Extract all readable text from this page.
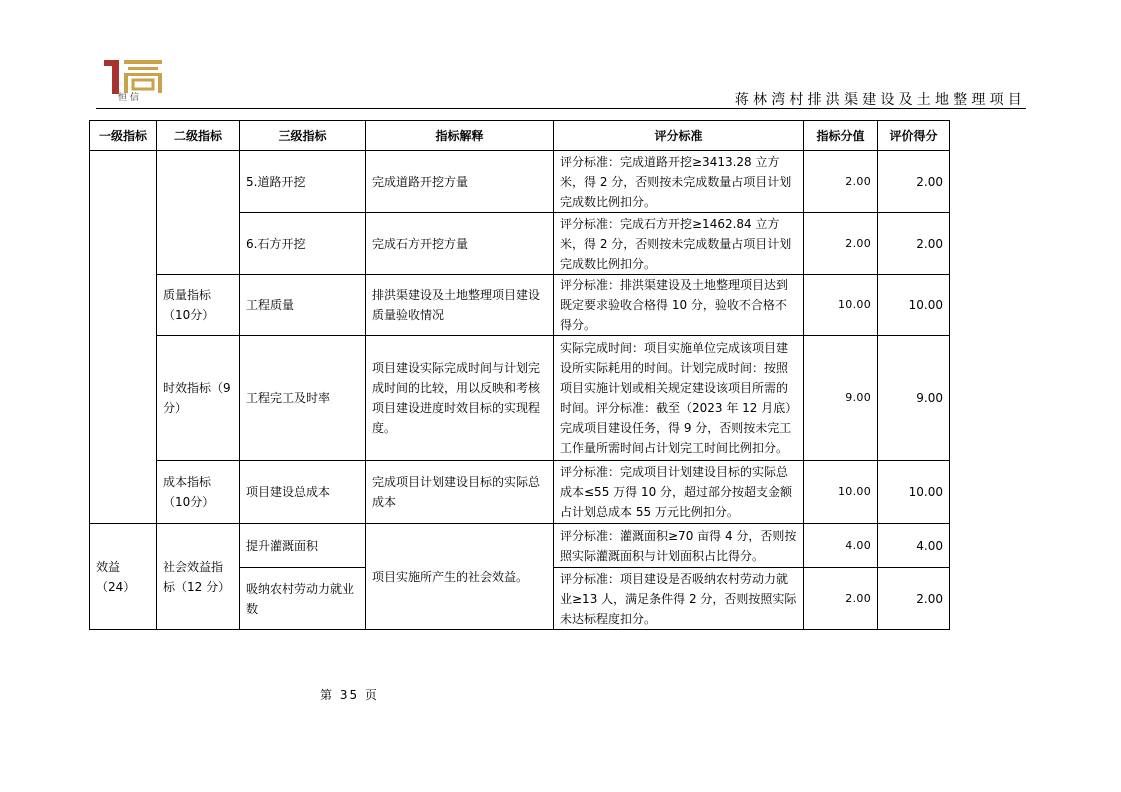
恒信	蒋林湾村排洪渠建设及土地整理项目
一级指标	二级指标	三级指标	指标解释	评分标准	指标分值	评价得分
		5.道路开挖	完成道路开挖方量	评分标准：完成道路开挖≥3413.28 立方米，得 2 分，否则按未完成数量占项目计划完成数比例扣分。	2.00	2.00
		6.石方开挖	完成石方开挖方量	评分标准：完成石方开挖≥1462.84 立方米，得 2 分，否则按未完成数量占项目计划完成数比例扣分。	2.00	2.00
	质量指标（10分）	工程质量	排洪渠建设及土地整理项目建设质量验收情况	评分标准：排洪渠建设及土地整理项目达到既定要求验收合格得 10 分，验收不合格不得分。	10.00	10.00
	时效指标（9分）	工程完工及时率	项目建设实际完成时间与计划完成时间的比较，用以反映和考核项目建设进度时效目标的实现程度。	实际完成时间：项目实施单位完成该项目建设所实际耗用的时间。计划完成时间：按照项目实施计划或相关规定建设该项目所需的时间。评分标准：截至（2023 年 12 月底）完成项目建设任务，得 9 分，否则按未完工工作量所需时间占计划完工时间比例扣分。	9.00	9.00
	成本指标（10分）	项目建设总成本	完成项目计划建设目标的实际总成本	评分标准：完成项目计划建设目标的实际总成本≤55 万得 10 分，超过部分按超支金额占计划总成本 55 万元比例扣分。	10.00	10.00
效益（24）	社会效益指标（12 分）	提升灌溉面积	项目实施所产生的社会效益。	评分标准：灌溉面积≥70 亩得 4 分，否则按照实际灌溉面积与计划面积占比得分。	4.00	4.00
		吸纳农村劳动力就业数		评分标准：项目建设是否吸纳农村劳动力就业≥13 人，满足条件得 2 分，否则按照实际未达标程度扣分。	2.00	2.00
第 35 页
